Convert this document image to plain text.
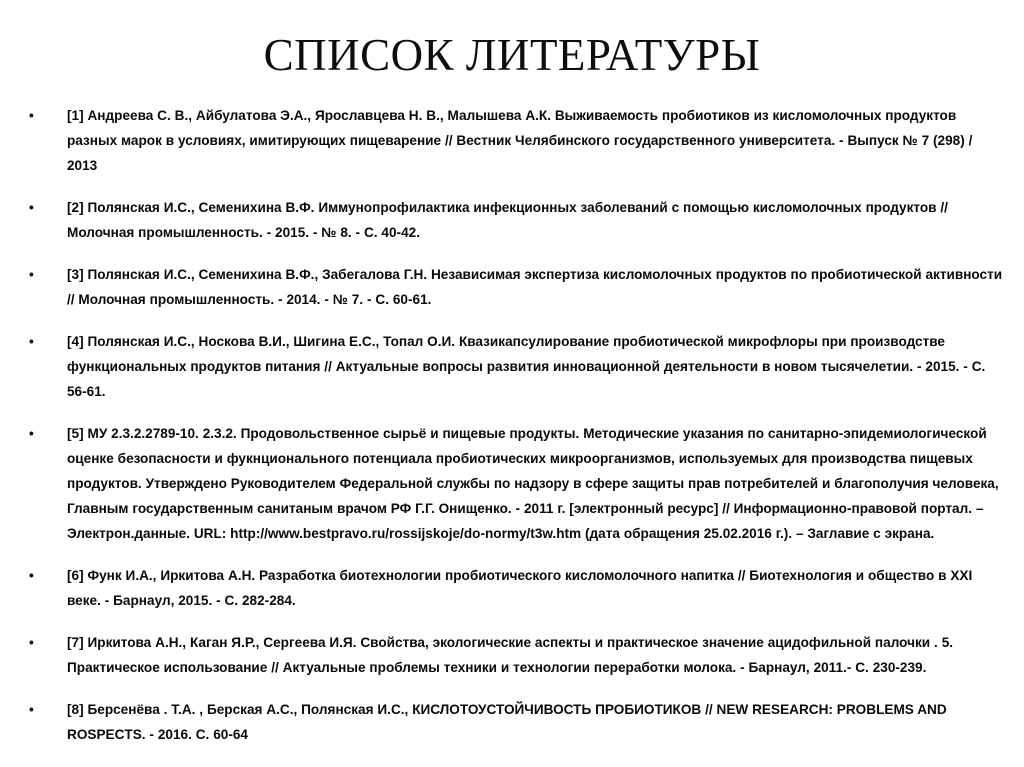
СПИСОК ЛИТЕРАТУРЫ
•	[1] Андреева С. В., Айбулатова Э.А., Ярославцева Н. В., Малышева А.К. Выживаемость пробиотиков из кисломолочных продуктов разных марок в условиях, имитирующих пищеварение // Вестник Челябинского государственного университета. - Выпуск № 7 (298) / 2013
•	[2] Полянская И.С., Семенихина В.Ф. Иммунопрофилактика инфекционных заболеваний с помощью кисломолочных продуктов // Молочная промышленность. - 2015. - № 8. - С. 40-42.
•	[3] Полянская И.С., Семенихина В.Ф., Забегалова Г.Н. Независимая экспертиза кисломолочных продуктов по пробиотической активности // Молочная промышленность. - 2014. - № 7. - С. 60-61.
•	[4] Полянская И.С., Носкова В.И., Шигина Е.С., Топал О.И. Квазикапсулирование пробиотической микрофлоры при производстве функциональных продуктов питания // Актуальные вопросы развития инновационной деятельности в новом тысячелетии. - 2015. - С. 56-61.
•	[5] МУ 2.3.2.2789-10. 2.3.2. Продовольственное сырьё и пищевые продукты. Методические указания по санитарно-эпидемиологической оценке безопасности и фукнционального потенциала пробиотических микроорганизмов, используемых для производства пищевых продуктов. Утверждено Руководителем Федеральной службы по надзору в сфере защиты прав потребителей и благополучия человека, Главным государственным санитаным врачом РФ Г.Г. Онищенко. - 2011 г. [электронный ресурс] // Информационно-правовой портал. – Электрон.данные. URL: http://www.bestpravo.ru/rossijskoje/do-normy/t3w.htm (дата обращения 25.02.2016 г.). – Заглавие с экрана.
•	[6] Функ И.А., Иркитова А.Н. Разработка биотехнологии пробиотического кисломолочного напитка // Биотехнология и общество в XXI веке. - Барнаул, 2015. - С. 282-284.
•	[7] Иркитова А.Н., Каган Я.Р., Сергеева И.Я. Свойства, экологические аспекты и практическое значение ацидофильной палочки . 5. Практическое использование // Актуальные проблемы техники и технологии переработки молока. - Барнаул, 2011.- С. 230-239.
•	[8] Берсенёва . Т.А. , Берская А.С., Полянская И.С., КИСЛОТОУСТОЙЧИВОСТЬ ПРОБИОТИКОВ // NEW RESEARCH: PROBLEMS AND ROSPECTS. - 2016. С. 60-64
